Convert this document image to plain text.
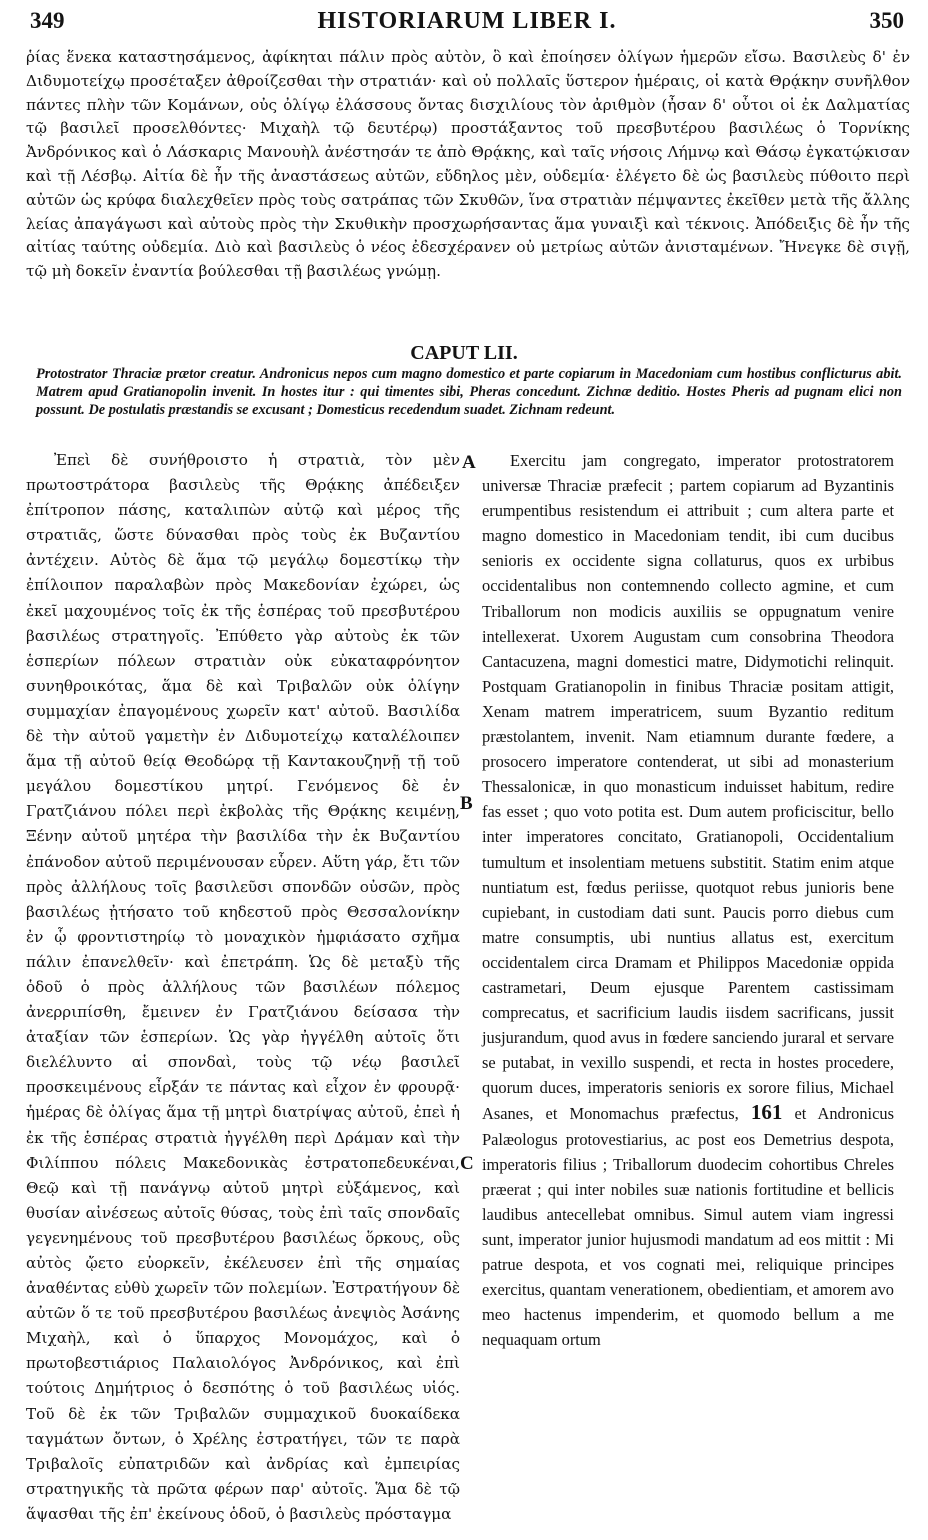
349	HISTORIARUM LIBER I.	350

ῥίας ἕνεκα καταστησάμενος, ἀφίκηται πάλιν πρὸς αὐτὸν, ὃ καὶ ἐποίησεν ὀλίγων ἡμερῶν εἴσω. Βασιλεὺς δ' ἐν Διδυμοτείχῳ προσέταξεν ἀθροίζεσθαι τὴν στρατιάν· καὶ οὐ πολλαῖς ὕστερον ἡμέραις, οἱ κατὰ Θρᾴκην συνῆλθον πάντες πλὴν τῶν Κομάνων, οὐς ὀλίγῳ ἐλάσσους ὄντας δισχιλίους τὸν ἀριθμὸν (ἦσαν δ' οὗτοι οἱ ἐκ Δαλματίας τῷ βασιλεῖ προσελθόντες· Μιχαὴλ τῷ δευτέρῳ) προστάξαντος τοῦ πρεσβυτέρου βασιλέως ὁ Τορνίκης Ἀνδρόνικος καὶ ὁ Λάσκαρις Μανουὴλ ἀνέστησάν τε ἀπὸ Θρᾴκης, καὶ ταῖς νήσοις Λήμνῳ καὶ Θάσῳ ἐγκατῴκισαν καὶ τῇ Λέσβῳ. Αἰτία δὲ ἦν τῆς ἀναστάσεως αὐτῶν, εὔδηλος μὲν, οὐδεμία· ἐλέγετο δὲ ὡς βασιλεὺς πύθοιτο περὶ αὐτῶν ὡς κρύφα διαλεχθεῖεν πρὸς τοὺς σατράπας τῶν Σκυθῶν, ἵνα στρατιὰν πέμψαντες ἐκεῖθεν μετὰ τῆς ἄλλης λείας ἀπαγάγωσι καὶ αὐτοὺς πρὸς τὴν Σκυθικὴν προσχωρήσαντας ἅμα γυναιξὶ καὶ τέκνοις. Ἀπόδειξις δὲ ἦν τῆς αἰτίας ταύτης οὐδεμία. Διὸ καὶ βασιλεὺς ὁ νέος ἐδεσχέρανεν οὐ μετρίως αὐτῶν ἀνισταμένων. Ἤνεγκε δὲ σιγῇ, τῷ μὴ δοκεῖν ἐναντία βούλεσθαι τῇ βασιλέως γνώμῃ.

CAPUT LII.
Protostrator Thraciæ prætor creatur. Andronicus nepos cum magno domestico et parte copiarum in Macedoniam cum hostibus conflicturus abit. Matrem apud Gratianopolin invenit. In hostes itur : qui timentes sibi, Pheras concedunt. Zichnæ deditio. Hostes Pheris ad pugnam elici non possunt. De postulatis præstandis se excusant ; Domesticus recedendum suadet. Zichnam redeunt.

Ἐπεὶ δὲ συνήθροιστο ἡ στρατιὰ, τὸν μὲν πρωτοστράτορα βασιλεὺς τῆς Θρᾴκης ἀπέδειξεν ἐπίτροπον πάσης, καταλιπὼν αὐτῷ καὶ μέρος τῆς στρατιᾶς, ὥστε δύνασθαι πρὸς τοὺς ἐκ Βυζαντίου ἀντέχειν. Αὐτὸς δὲ ἅμα τῷ μεγάλῳ δομεστίκῳ τὴν ἐπίλοιπον παραλαβὼν πρὸς Μακεδονίαν ἐχώρει, ὡς ἐκεῖ μαχουμένος τοῖς ἐκ τῆς ἑσπέρας τοῦ πρεσβυτέρου βασιλέως στρατηγοῖς. Ἐπύθετο γὰρ αὐτοὺς ἐκ τῶν ἑσπερίων πόλεων στρατιὰν οὐκ εὐκαταφρόνητον συνηθροικότας, ἅμα δὲ καὶ Τριβαλῶν οὐκ ὀλίγην συμμαχίαν ἐπαγομένους χωρεῖν κατ' αὐτοῦ. Βασιλίδα δὲ τὴν αὐτοῦ γαμετὴν ἐν Διδυμοτείχῳ καταλέλοιπεν ἅμα τῇ αὐτοῦ θείᾳ Θεοδώρᾳ τῇ Καντακουζηνῇ τῇ τοῦ μεγάλου δομεστίκου μητρί. Γενόμενος δὲ ἐν Γρατζιάνου πόλει περὶ ἐκβολὰς τῆς Θρᾴκης κειμένῃ, Ξένην αὐτοῦ μητέρα τὴν βασιλίδα τὴν ἐκ Βυζαντίου ἐπάνοδον αὐτοῦ περιμένουσαν εὗρεν. Αὕτη γάρ, ἔτι τῶν πρὸς ἀλλήλους τοῖς βασιλεῦσι σπονδῶν οὐσῶν, πρὸς βασιλέως ᾐτήσατο τοῦ κηδεστοῦ πρὸς Θεσσαλονίκην ἐν ᾧ φροντιστηρίῳ τὸ μοναχικὸν ἠμφιάσατο σχῆμα πάλιν ἐπανελθεῖν· καὶ ἐπετράπη. Ὡς δὲ μεταξὺ τῆς ὁδοῦ ὁ πρὸς ἀλλήλους τῶν βασιλέων πόλεμος ἀνερριπίσθη, ἔμεινεν ἐν Γρατζιάνου δείσασα τὴν ἀταξίαν τῶν ἑσπερίων. Ὡς γὰρ ἠγγέλθη αὐτοῖς ὅτι διελέλυντο αἱ σπονδαὶ, τοὺς τῷ νέῳ βασιλεῖ προσκειμένους εἶρξάν τε πάντας καὶ εἶχον ἐν φρουρᾷ· ἡμέρας δὲ ὀλίγας ἅμα τῇ μητρὶ διατρίψας αὐτοῦ, ἐπεὶ ἡ ἐκ τῆς ἑσπέρας στρατιὰ ἠγγέλθη περὶ Δράμαν καὶ τὴν Φιλίππου πόλεις Μακεδονικὰς ἐστρατοπεδευκέναι, Θεῷ καὶ τῇ πανάγνῳ αὐτοῦ μητρὶ εὐξάμενος, καὶ θυσίαν αἰνέσεως αὐτοῖς θύσας, τοὺς ἐπὶ ταῖς σπονδαῖς γεγενημένους τοῦ πρεσβυτέρου βασιλέως ὅρκους, οὓς αὐτὸς ᾤετο εὐορκεῖν, ἐκέλευσεν ἐπὶ τῆς σημαίας ἀναθέντας εὐθὺ χωρεῖν τῶν πολεμίων. Ἐστρατήγουν δὲ αὐτῶν ὅ τε τοῦ πρεσβυτέρου βασιλέως ἀνεψιὸς Ἀσάνης Μιχαὴλ, καὶ ὁ ὕπαρχος Μονομάχος, καὶ ὁ πρωτοβεστιάριος Παλαιολόγος Ἀνδρόνικος, καὶ ἐπὶ τούτοις Δημήτριος ὁ δεσπότης ὁ τοῦ βασιλέως υἱός. Τοῦ δὲ ἐκ τῶν Τριβαλῶν συμμαχικοῦ δυοκαίδεκα ταγμάτων ὄντων, ὁ Χρέλης ἐστρατήγει, τῶν τε παρὰ Τριβαλοῖς εὐπατριδῶν καὶ ἀνδρίας καὶ ἐμπειρίας στρατηγικῆς τὰ πρῶτα φέρων παρ' αὐτοῖς. Ἅμα δὲ τῷ ἅψασθαι τῆς ἐπ' ἐκείνους ὁδοῦ, ὁ βασιλεὺς πρόσταγμα

A
B
C

Exercitu jam congregato, imperator protostratorem universæ Thraciæ præfecit ; partem copiarum ad Byzantinis erumpentibus resistendum ei attribuit ; cum altera parte et magno domestico in Macedoniam tendit, ibi cum ducibus senioris ex occidente signa collaturus, quos ex urbibus occidentalibus non contemnendo collecto agmine, et cum Triballorum non modicis auxiliis se oppugnatum venire intellexerat. Uxorem Augustam cum consobrina Theodora Cantacuzena, magni domestici matre, Didymotichi relinquit. Postquam Gratianopolin in finibus Thraciæ positam attigit, Xenam matrem imperatricem, suum Byzantio reditum præstolantem, invenit. Nam etiamnum durante fœdere, a prosocero imperatore contenderat, ut sibi ad monasterium Thessalonicæ, in quo monasticum induisset habitum, redire fas esset ; quo voto potita est. Dum autem proficiscitur, bello inter imperatores concitato, Gratianopoli, Occidentalium tumultum et insolentiam metuens substitit. Statim enim atque nuntiatum est, fœdus periisse, quotquot rebus junioris bene cupiebant, in custodiam dati sunt. Paucis porro diebus cum matre consumptis, ubi nuntius allatus est, exercitum occidentalem circa Dramam et Philippos Macedoniæ oppida castrametari, Deum ejusque Parentem castissimam comprecatus, et sacrificium laudis iisdem sacrificans, jussit jusjurandum, quod avus in fœdere sanciendo juraral et servare se putabat, in vexillo suspendi, et recta in hostes procedere, quorum duces, imperatoris senioris ex sorore filius, Michael Asanes, et Monomachus præfectus, 161 et Andronicus Palæologus protovestiarius, ac post eos Demetrius despota, imperatoris filius ; Triballorum duodecim cohortibus Chreles præerat ; qui inter nobiles suæ nationis fortitudine et bellicis laudibus antecellebat omnibus. Simul autem viam ingressi sunt, imperator junior hujusmodi mandatum ad eos mittit : Mi patrue despota, et vos cognati mei, reliquique principes exercitus, quantam venerationem, obedientiam, et amorem avo meo hactenus impenderim, et quomodo bellum a me nequaquam ortum
